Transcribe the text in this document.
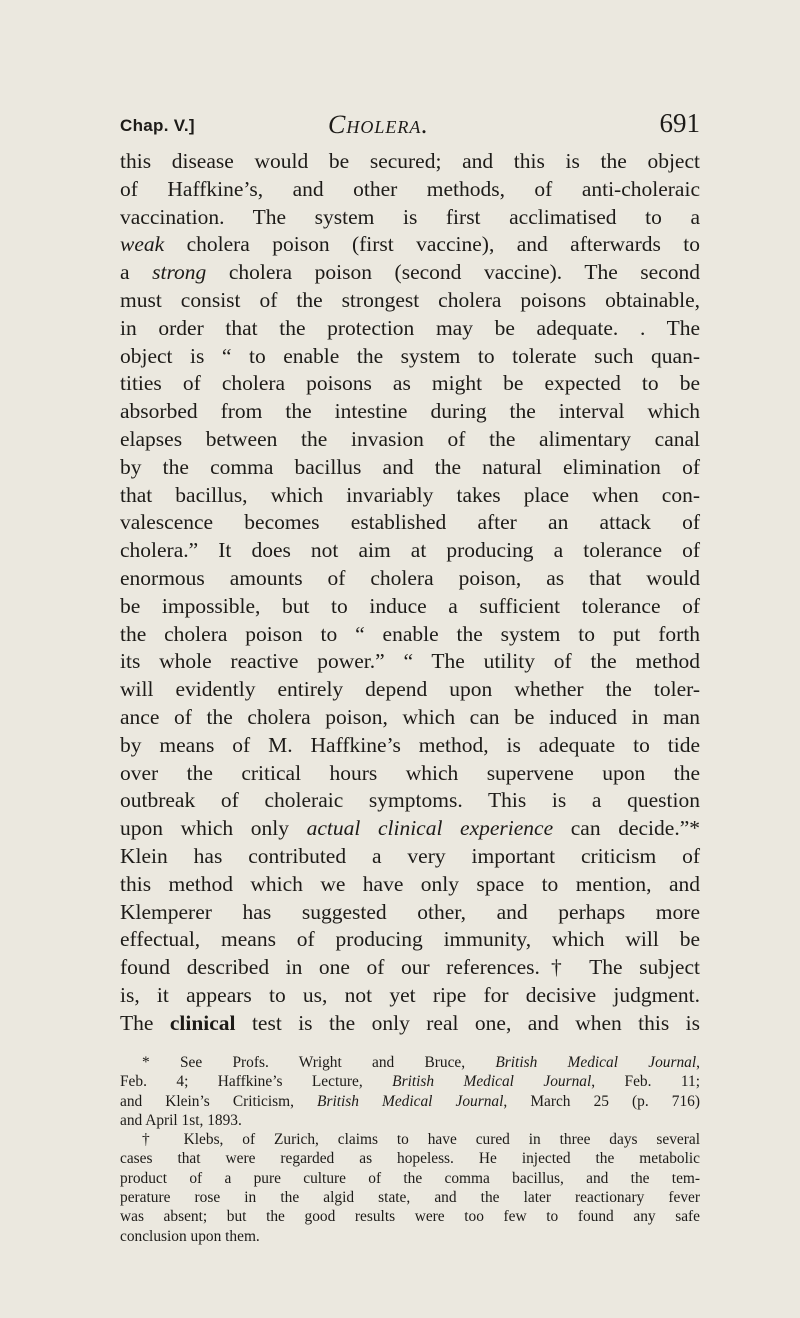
Chap. V.]	Cholera.	691
this disease would be secured; and this is the object
of Haffkine’s, and other methods, of anti-choleraic
vaccination. The system is first acclimatised to a
weak cholera poison (first vaccine), and afterwards to
a strong cholera poison (second vaccine). The second
must consist of the strongest cholera poisons obtainable,
in order that the protection may be adequate. . The
object is “ to enable the system to tolerate such quan-
tities of cholera poisons as might be expected to be
absorbed from the intestine during the interval which
elapses between the invasion of the alimentary canal
by the comma bacillus and the natural elimination of
that bacillus, which invariably takes place when con-
valescence becomes established after an attack of
cholera.” It does not aim at producing a tolerance of
enormous amounts of cholera poison, as that would
be impossible, but to induce a sufficient tolerance of
the cholera poison to “ enable the system to put forth
its whole reactive power.” “ The utility of the method
will evidently entirely depend upon whether the toler-
ance of the cholera poison, which can be induced in man
by means of M. Haffkine’s method, is adequate to tide
over the critical hours which supervene upon the
outbreak of choleraic symptoms. This is a question
upon which only actual clinical experience can decide.”*
Klein has contributed a very important criticism of
this method which we have only space to mention, and
Klemperer has suggested other, and perhaps more
effectual, means of producing immunity, which will be
found described in one of our references.† The subject
is, it appears to us, not yet ripe for decisive judgment.
The clinical test is the only real one, and when this is
* See Profs. Wright and Bruce, British Medical Journal,
Feb. 4; Haffkine’s Lecture, British Medical Journal, Feb. 11;
and Klein’s Criticism, British Medical Journal, March 25 (p. 716)
and April 1st, 1893.
† Klebs, of Zurich, claims to have cured in three days several
cases that were regarded as hopeless. He injected the metabolic
product of a pure culture of the comma bacillus, and the tem-
perature rose in the algid state, and the later reactionary fever
was absent; but the good results were too few to found any safe
conclusion upon them.
